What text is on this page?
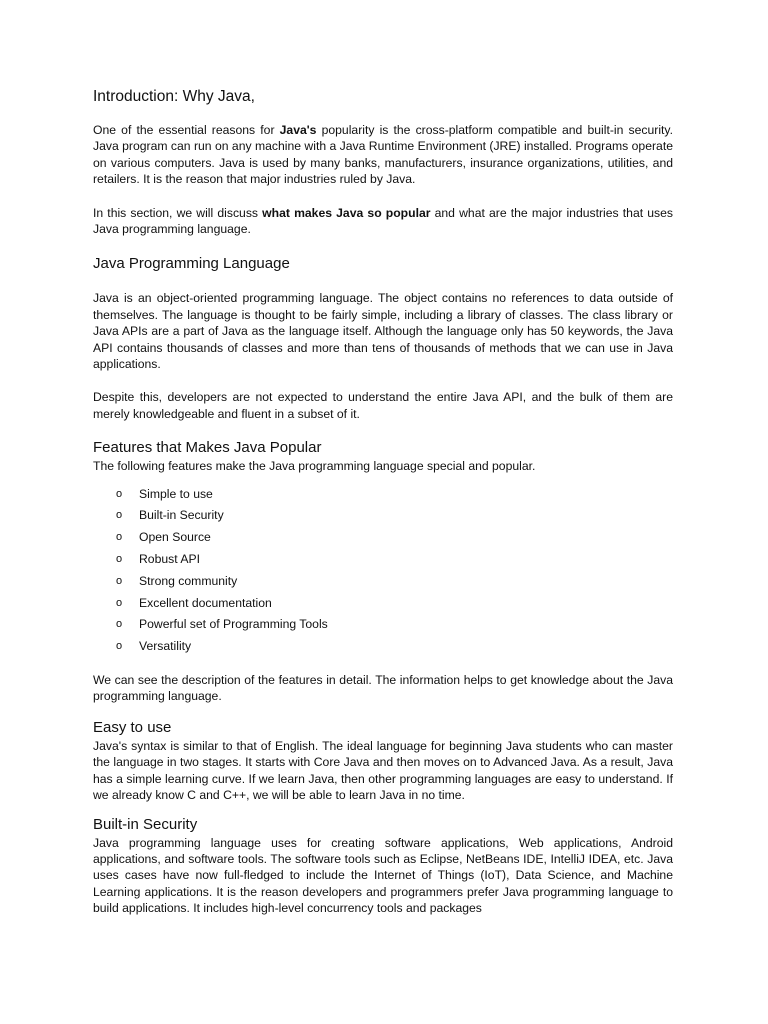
Introduction: Why Java,

One of the essential reasons for Java's popularity is the cross-platform compatible and built-in security. Java program can run on any machine with a Java Runtime Environment (JRE) installed. Programs operate on various computers. Java is used by many banks, manufacturers, insurance organizations, utilities, and retailers. It is the reason that major industries ruled by Java.

In this section, we will discuss what makes Java so popular and what are the major industries that uses Java programming language.

Java Programming Language

Java is an object-oriented programming language. The object contains no references to data outside of themselves. The language is thought to be fairly simple, including a library of classes. The class library or Java APIs are a part of Java as the language itself. Although the language only has 50 keywords, the Java API contains thousands of classes and more than tens of thousands of methods that we can use in Java applications.

Despite this, developers are not expected to understand the entire Java API, and the bulk of them are merely knowledgeable and fluent in a subset of it.

Features that Makes Java Popular

The following features make the Java programming language special and popular.

o Simple to use
o Built-in Security
o Open Source
o Robust API
o Strong community
o Excellent documentation
o Powerful set of Programming Tools
o Versatility

We can see the description of the features in detail. The information helps to get knowledge about the Java programming language.

Easy to use

Java's syntax is similar to that of English. The ideal language for beginning Java students who can master the language in two stages. It starts with Core Java and then moves on to Advanced Java. As a result, Java has a simple learning curve. If we learn Java, then other programming languages are easy to understand. If we already know C and C++, we will be able to learn Java in no time.

Built-in Security

Java programming language uses for creating software applications, Web applications, Android applications, and software tools. The software tools such as Eclipse, NetBeans IDE, IntelliJ IDEA, etc. Java uses cases have now full-fledged to include the Internet of Things (IoT), Data Science, and Machine Learning applications. It is the reason developers and programmers prefer Java programming language to build applications. It includes high-level concurrency tools and packages
